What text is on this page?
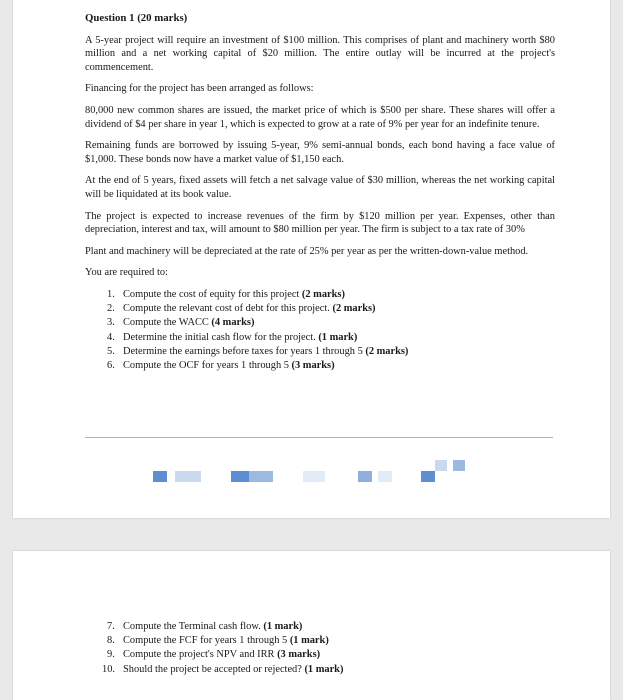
Question 1 (20 marks)

A 5-year project will require an investment of $100 million. This comprises of plant and machinery worth $80 million and a net working capital of $20 million. The entire outlay will be incurred at the project's commencement.

Financing for the project has been arranged as follows:

80,000 new common shares are issued, the market price of which is $500 per share. These shares will offer a dividend of $4 per share in year 1, which is expected to grow at a rate of 9% per year for an indefinite tenure.

Remaining funds are borrowed by issuing 5-year, 9% semi-annual bonds, each bond having a face value of $1,000. These bonds now have a market value of $1,150 each.

At the end of 5 years, fixed assets will fetch a net salvage value of $30 million, whereas the net working capital will be liquidated at its book value.

The project is expected to increase revenues of the firm by $120 million per year. Expenses, other than depreciation, interest and tax, will amount to $80 million per year. The firm is subject to a tax rate of 30%

Plant and machinery will be depreciated at the rate of 25% per year as per the written-down-value method.

You are required to:

1. Compute the cost of equity for this project (2 marks)
2. Compute the relevant cost of debt for this project. (2 marks)
3. Compute the WACC (4 marks)
4. Determine the initial cash flow for the project. (1 mark)
5. Determine the earnings before taxes for years 1 through 5 (2 marks)
6. Compute the OCF for years 1 through 5 (3 marks)
7. Compute the Terminal cash flow. (1 mark)
8. Compute the FCF for years 1 through 5 (1 mark)
9. Compute the project's NPV and IRR (3 marks)
10. Should the project be accepted or rejected? (1 mark)
